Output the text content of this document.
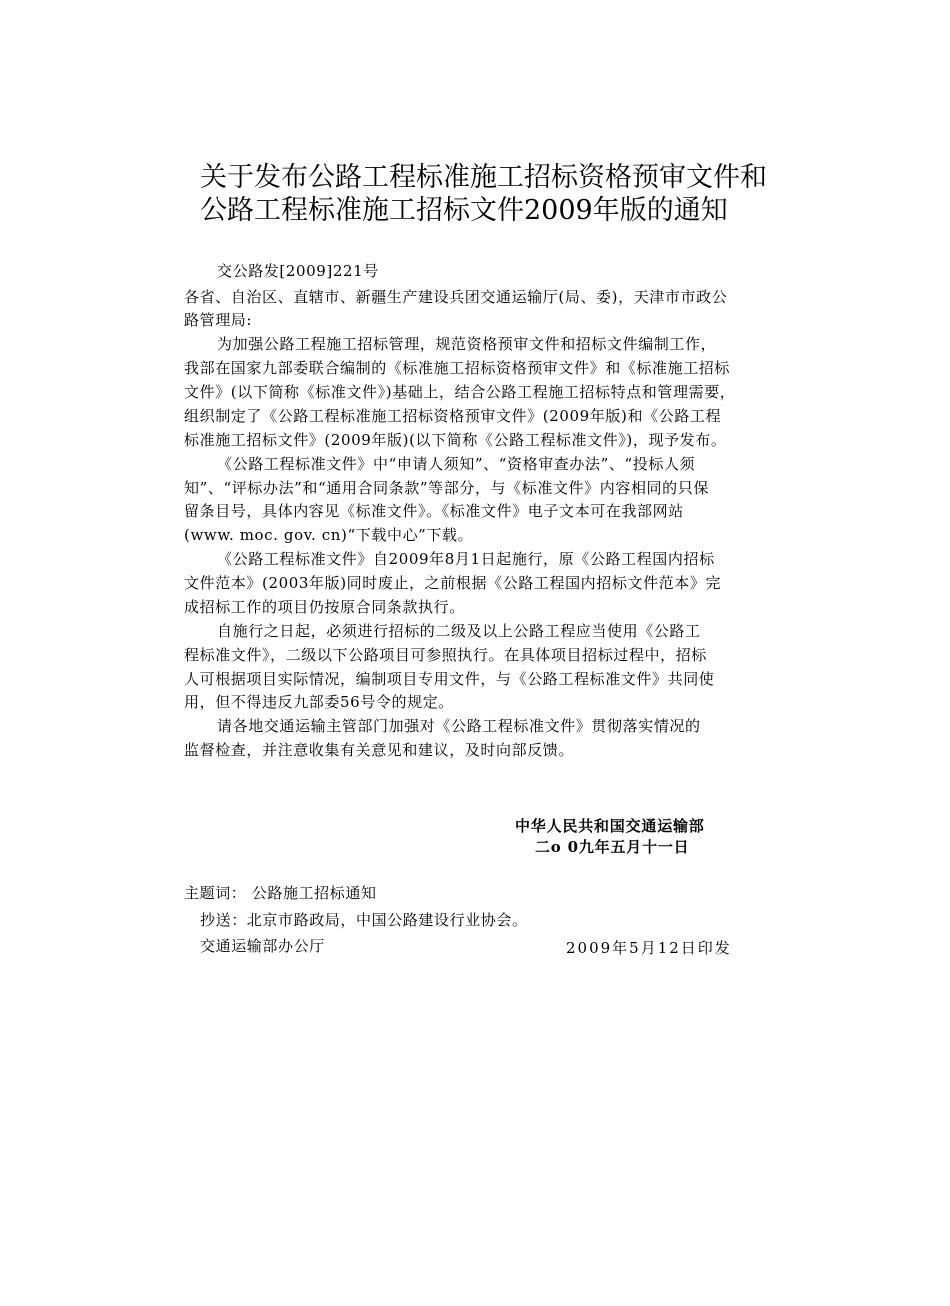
关于发布公路工程标准施工招标资格预审文件和
公路工程标准施工招标文件2009年版的通知
交公路发[2009]221号
各省、自治区、直辖市、新疆生产建设兵团交通运输厅(局、委)，天津市市政公
路管理局:
为加强公路工程施工招标管理，规范资格预审文件和招标文件编制工作，
我部在国家九部委联合编制的《标准施工招标资格预审文件》和《标准施工招标
文件》(以下简称《标准文件》)基础上，结合公路工程施工招标特点和管理需要，
组织制定了《公路工程标准施工招标资格预审文件》(2009年版)和《公路工程
标准施工招标文件》(2009年版)(以下简称《公路工程标准文件》)，现予发布。
《公路工程标准文件》中“申请人须知”、“资格审查办法”、“投标人须
知”、“评标办法”和“通用合同条款”等部分，与《标准文件》内容相同的只保
留条目号，具体内容见《标准文件》。《标准文件》电子文本可在我部网站
(www. moc. gov. cn)“下载中心”下载。
《公路工程标准文件》自2009年8月1日起施行，原《公路工程国内招标
文件范本》(2003年版)同时废止，之前根据《公路工程国内招标文件范本》完
成招标工作的项目仍按原合同条款执行。
自施行之日起，必须进行招标的二级及以上公路工程应当使用《公路工
程标准文件》，二级以下公路项目可参照执行。在具体项目招标过程中，招标
人可根据项目实际情况，编制项目专用文件，与《公路工程标准文件》共同使
用，但不得违反九部委56号令的规定。
请各地交通运输主管部门加强对《公路工程标准文件》贯彻落实情况的
监督检查，并注意收集有关意见和建议，及时向部反馈。
中华人民共和国交通运输部
二o 0九年五月十一日
主题词： 公路施工招标通知
抄送：北京市路政局，中国公路建设行业协会。
交通运输部办公厅	2009年5月12日印发
